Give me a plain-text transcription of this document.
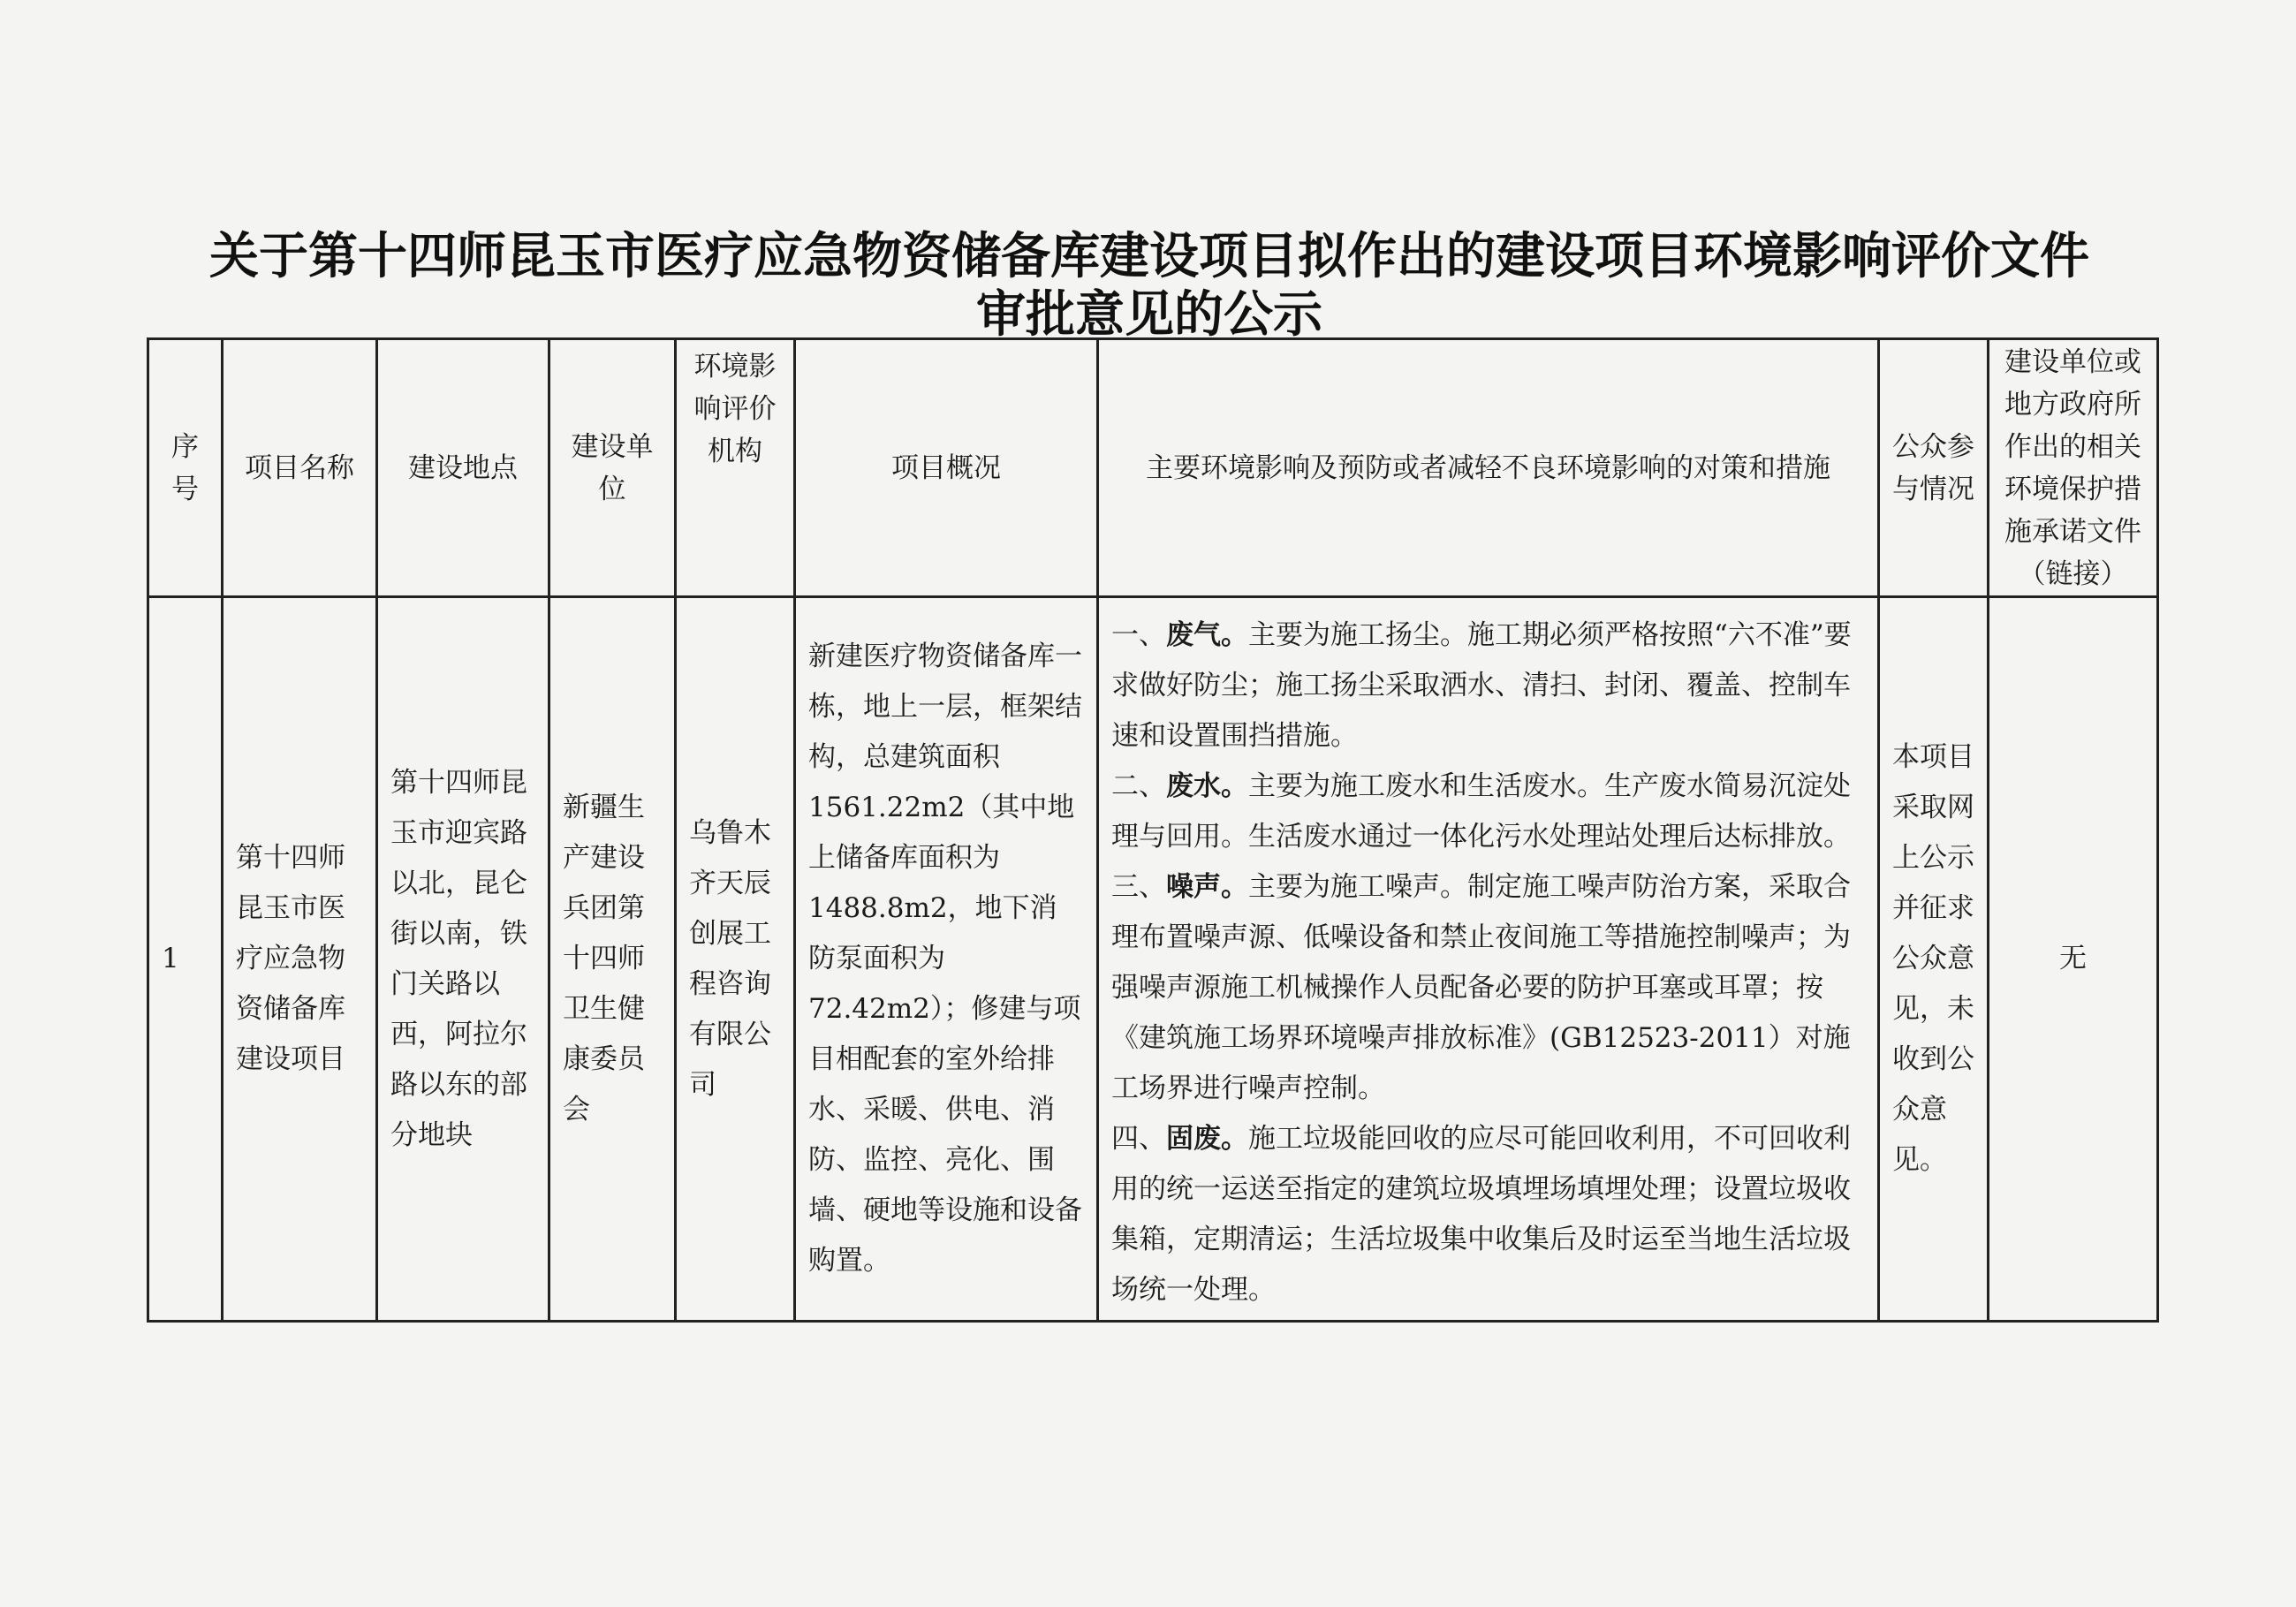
关于第十四师昆玉市医疗应急物资储备库建设项目拟作出的建设项目环境影响评价文件
审批意见的公示
序号	项目名称	建设地点	建设单位	环境影响评价机构	项目概况	主要环境影响及预防或者减轻不良环境影响的对策和措施	公众参与情况	建设单位或地方政府所作出的相关环境保护措施承诺文件（链接）

1	第十四师昆玉市医疗应急物资储备库建设项目	第十四师昆玉市迎宾路以北，昆仑街以南，铁门关路以 西，阿拉尔路以东的部分地块	新疆生产建设兵团第十四师卫生健康委员会	乌鲁木齐天辰创展工程咨询有限公司	新建医疗物资储备库一栋，地上一层，框架结构，总建筑面积1561.22m2（其中地上储备库面积为1488.8m2，地下消防泵面积为72.42m2）；修建与项目相配套的室外给排水、采暖、供电、消防、监控、亮化、围墙、硬地等设施和设备购置。	一、废气。主要为施工扬尘。施工期必须严格按照“六不准”要求做好防尘；施工扬尘采取洒水、清扫、封闭、覆盖、控制车速和设置围挡措施。
二、废水。主要为施工废水和生活废水。生产废水简易沉淀处理与回用。生活废水通过一体化污水处理站处理后达标排放。
三、噪声。主要为施工噪声。制定施工噪声防治方案，采取合理布置噪声源、低噪设备和禁止夜间施工等措施控制噪声；为强噪声源施工机械操作人员配备必要的防护耳塞或耳罩；按《建筑施工场界环境噪声排放标准》(GB12523-2011）对施工场界进行噪声控制。
四、固废。施工垃圾能回收的应尽可能回收利用，不可回收利用的统一运送至指定的建筑垃圾填埋场填埋处理；设置垃圾收集箱，定期清运；生活垃圾集中收集后及时运至当地生活垃圾场统一处理。	本项目采取网上公示并征求公众意见，未收到公众意见。	无
